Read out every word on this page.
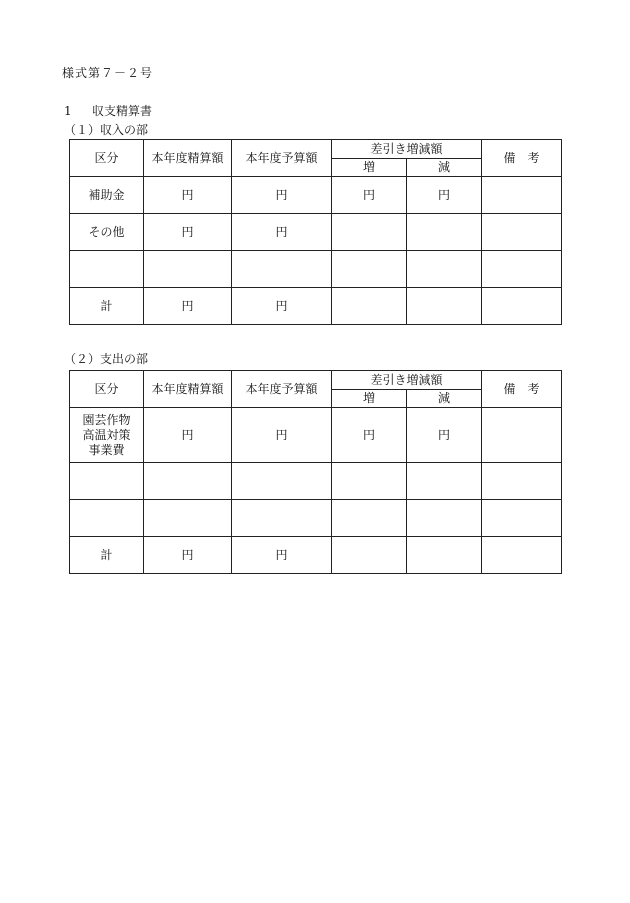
様式第７－２号
1 収支精算書
（１）収入の部
区分	本年度精算額	本年度予算額	差引き増減額		備　考
			増	減	
補助金	円	円	円	円	
その他	円	円			

計	円	円			
（２）支出の部
区分	本年度精算額	本年度予算額	差引き増減額		備　考
			増	減	

園芸作物
高温対策
事業費	円	円	円	円	

計	円	円			
